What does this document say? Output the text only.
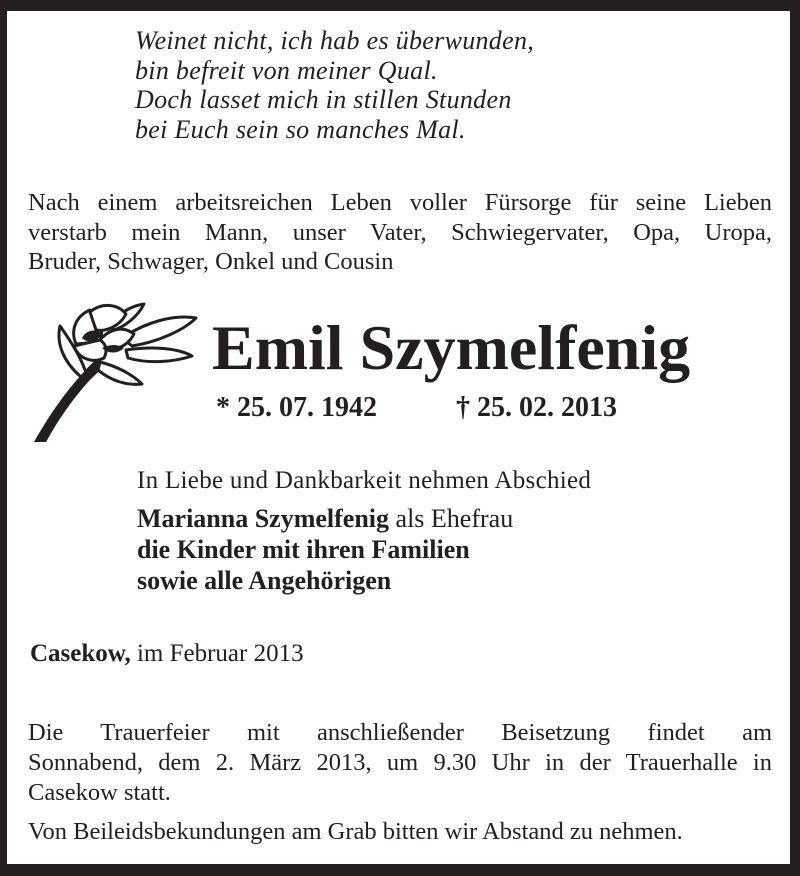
Weinet nicht, ich hab es überwunden,
bin befreit von meiner Qual.
Doch lasset mich in stillen Stunden
bei Euch sein so manches Mal.
Nach einem arbeitsreichen Leben voller Fürsorge für seine Lieben
verstarb mein Mann, unser Vater, Schwiegervater, Opa, Uropa,
Bruder, Schwager, Onkel und Cousin
Emil Szymelfenig
* 25. 07. 1942	† 25. 02. 2013
In Liebe und Dankbarkeit nehmen Abschied
Marianna Szymelfenig als Ehefrau
die Kinder mit ihren Familien
sowie alle Angehörigen
Casekow, im Februar 2013
Die Trauerfeier mit anschließender Beisetzung findet am
Sonnabend, dem 2. März 2013, um 9.30 Uhr in der Trauerhalle in
Casekow statt.
Von Beileidsbekundungen am Grab bitten wir Abstand zu nehmen.
